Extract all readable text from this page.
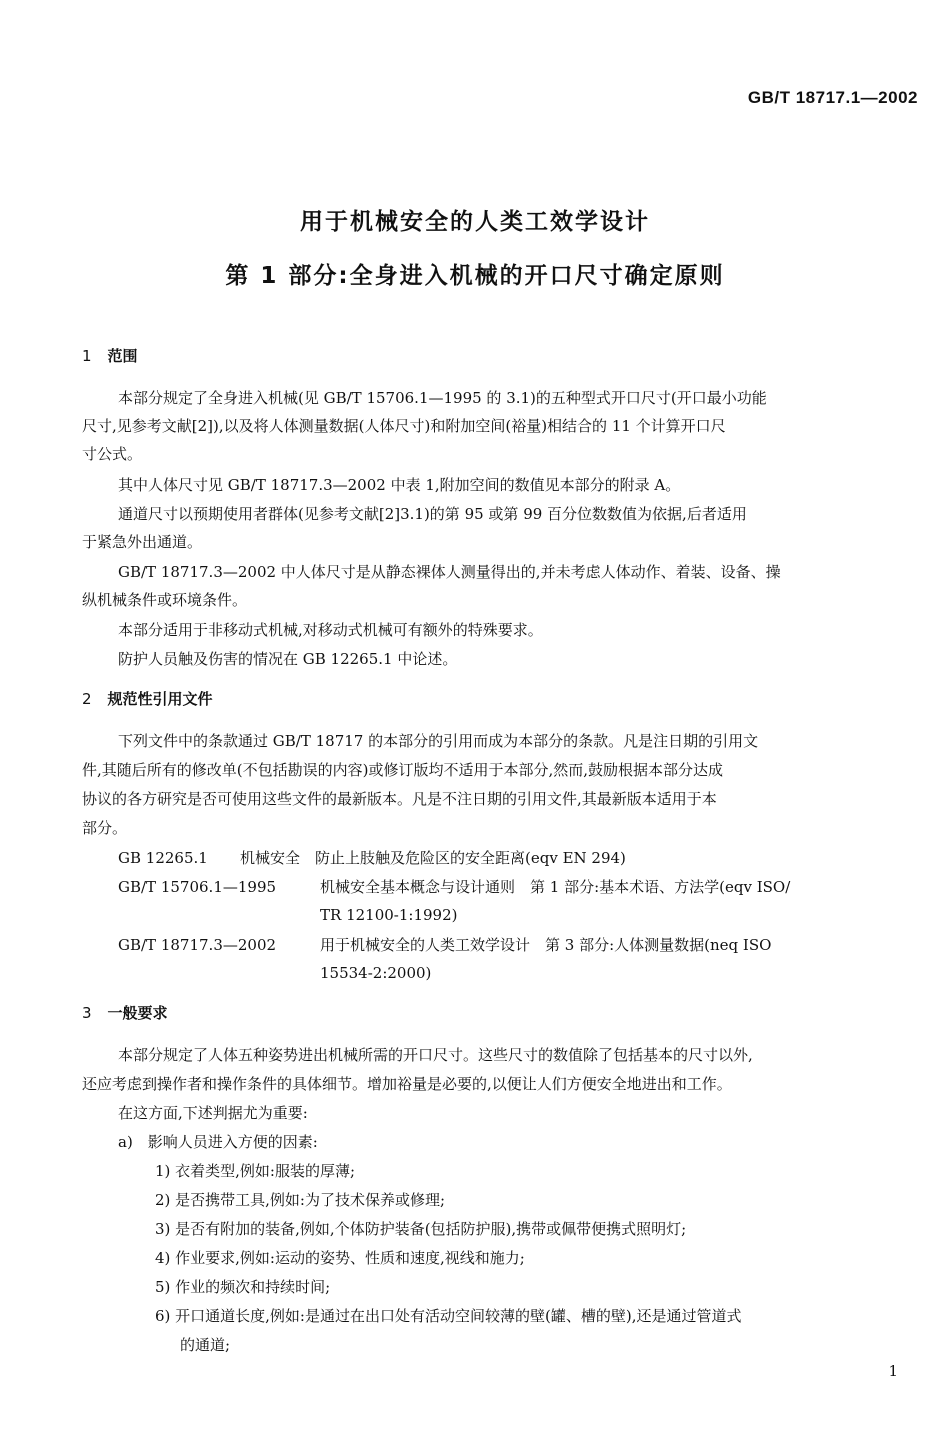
GB/T 18717.1—2002
用于机械安全的人类工效学设计
第 1 部分:全身进入机械的开口尺寸确定原则
1 范围
本部分规定了全身进入机械(见 GB/T 15706.1—1995 的 3.1)的五种型式开口尺寸(开口最小功能
尺寸,见参考文献[2]),以及将人体测量数据(人体尺寸)和附加空间(裕量)相结合的 11 个计算开口尺
寸公式。
其中人体尺寸见 GB/T 18717.3—2002 中表 1,附加空间的数值见本部分的附录 A。
通道尺寸以预期使用者群体(见参考文献[2]3.1)的第 95 或第 99 百分位数数值为依据,后者适用
于紧急外出通道。
GB/T 18717.3—2002 中人体尺寸是从静态裸体人测量得出的,并未考虑人体动作、着装、设备、操
纵机械条件或环境条件。
本部分适用于非移动式机械,对移动式机械可有额外的特殊要求。
防护人员触及伤害的情况在 GB 12265.1 中论述。
2 规范性引用文件
下列文件中的条款通过 GB/T 18717 的本部分的引用而成为本部分的条款。凡是注日期的引用文
件,其随后所有的修改单(不包括勘误的内容)或修订版均不适用于本部分,然而,鼓励根据本部分达成
协议的各方研究是否可使用这些文件的最新版本。凡是不注日期的引用文件,其最新版本适用于本
部分。
GB 12265.1 机械安全　防止上肢触及危险区的安全距离(eqv EN 294)
GB/T 15706.1—1995	机械安全基本概念与设计通则　第 1 部分:基本术语、方法学(eqv ISO/
TR 12100-1:1992)
GB/T 18717.3—2002	用于机械安全的人类工效学设计　第 3 部分:人体测量数据(neq ISO
15534-2:2000)
3 一般要求
本部分规定了人体五种姿势进出机械所需的开口尺寸。这些尺寸的数值除了包括基本的尺寸以外,
还应考虑到操作者和操作条件的具体细节。增加裕量是必要的,以便让人们方便安全地进出和工作。
在这方面,下述判据尤为重要:
a)　影响人员进入方便的因素:
1) 衣着类型,例如:服装的厚薄;
2) 是否携带工具,例如:为了技术保养或修理;
3) 是否有附加的装备,例如,个体防护装备(包括防护服),携带或佩带便携式照明灯;
4) 作业要求,例如:运动的姿势、性质和速度,视线和施力;
5) 作业的频次和持续时间;
6) 开口通道长度,例如:是通过在出口处有活动空间较薄的壁(罐、槽的壁),还是通过管道式
的通道;
1
